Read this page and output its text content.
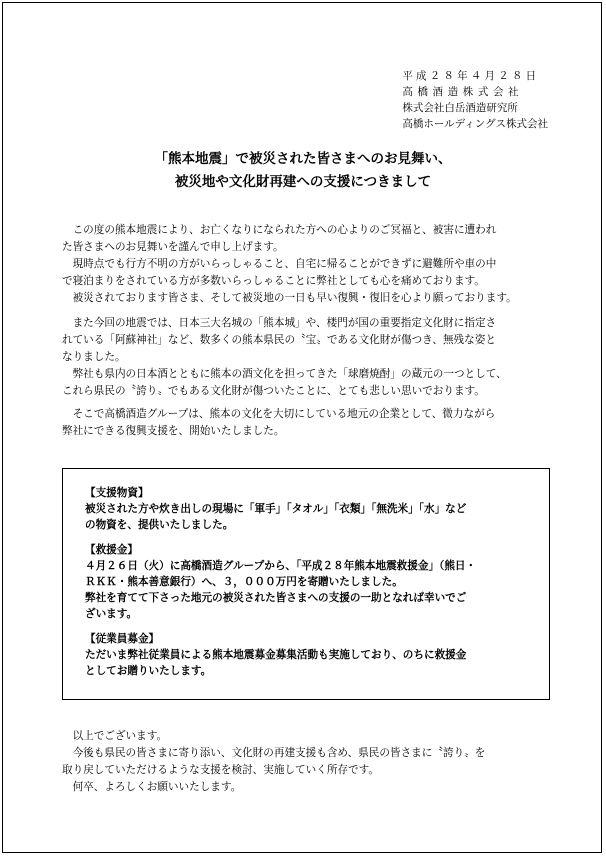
平成２８年４月２８日
高橋酒造株式会社
株式会社白岳酒造研究所
高橋ホールディングス株式会社
「熊本地震」で被災された皆さまへのお見舞い、
被災地や文化財再建への支援につきまして
　この度の熊本地震により、お亡くなりになられた方への心よりのご冥福と、被害に遭われ
た皆さまへのお見舞いを謹んで申し上げます。
　現時点でも行方不明の方がいらっしゃること、自宅に帰ることができずに避難所や車の中
で寝泊まりをされている方が多数いらっしゃることに弊社としても心を痛めております。
　被災されております皆さま、そして被災地の一日も早い復興・復旧を心より願っております。
　また今回の地震では、日本三大名城の「熊本城」や、楼門が国の重要指定文化財に指定さ
れている「阿蘇神社」など、数多くの熊本県民の〝宝〟である文化財が傷つき、無残な姿と
なりました。
　弊社も県内の日本酒とともに熊本の酒文化を担ってきた「球磨焼酎」の蔵元の一つとして、
これら県民の〝誇り〟でもある文化財が傷ついたことに、とても悲しい思いでおります。
　そこで高橋酒造グループは、熊本の文化を大切にしている地元の企業として、微力ながら
弊社にできる復興支援を、開始いたしました。
【支援物資】
被災された方や炊き出しの現場に「軍手」「タオル」「衣類」「無洗米」「水」など
の物資を、提供いたしました。
【救援金】
４月２６日（火）に高橋酒造グループから、「平成２８年熊本地震救援金」（熊日・
ＲＫＫ・熊本善意銀行）へ、３，０００万円を寄贈いたしました。
弊社を育てて下さった地元の被災された皆さまへの支援の一助となれば幸いでご
ざいます。
【従業員募金】
ただいま弊社従業員による熊本地震募金募集活動も実施しており、のちに救援金
としてお贈りいたします。
　以上でございます。
　今後も県民の皆さまに寄り添い、文化財の再建支援も含め、県民の皆さまに〝誇り〟を
取り戻していただけるような支援を検討、実施していく所存です。
　何卒、よろしくお願いいたします。
